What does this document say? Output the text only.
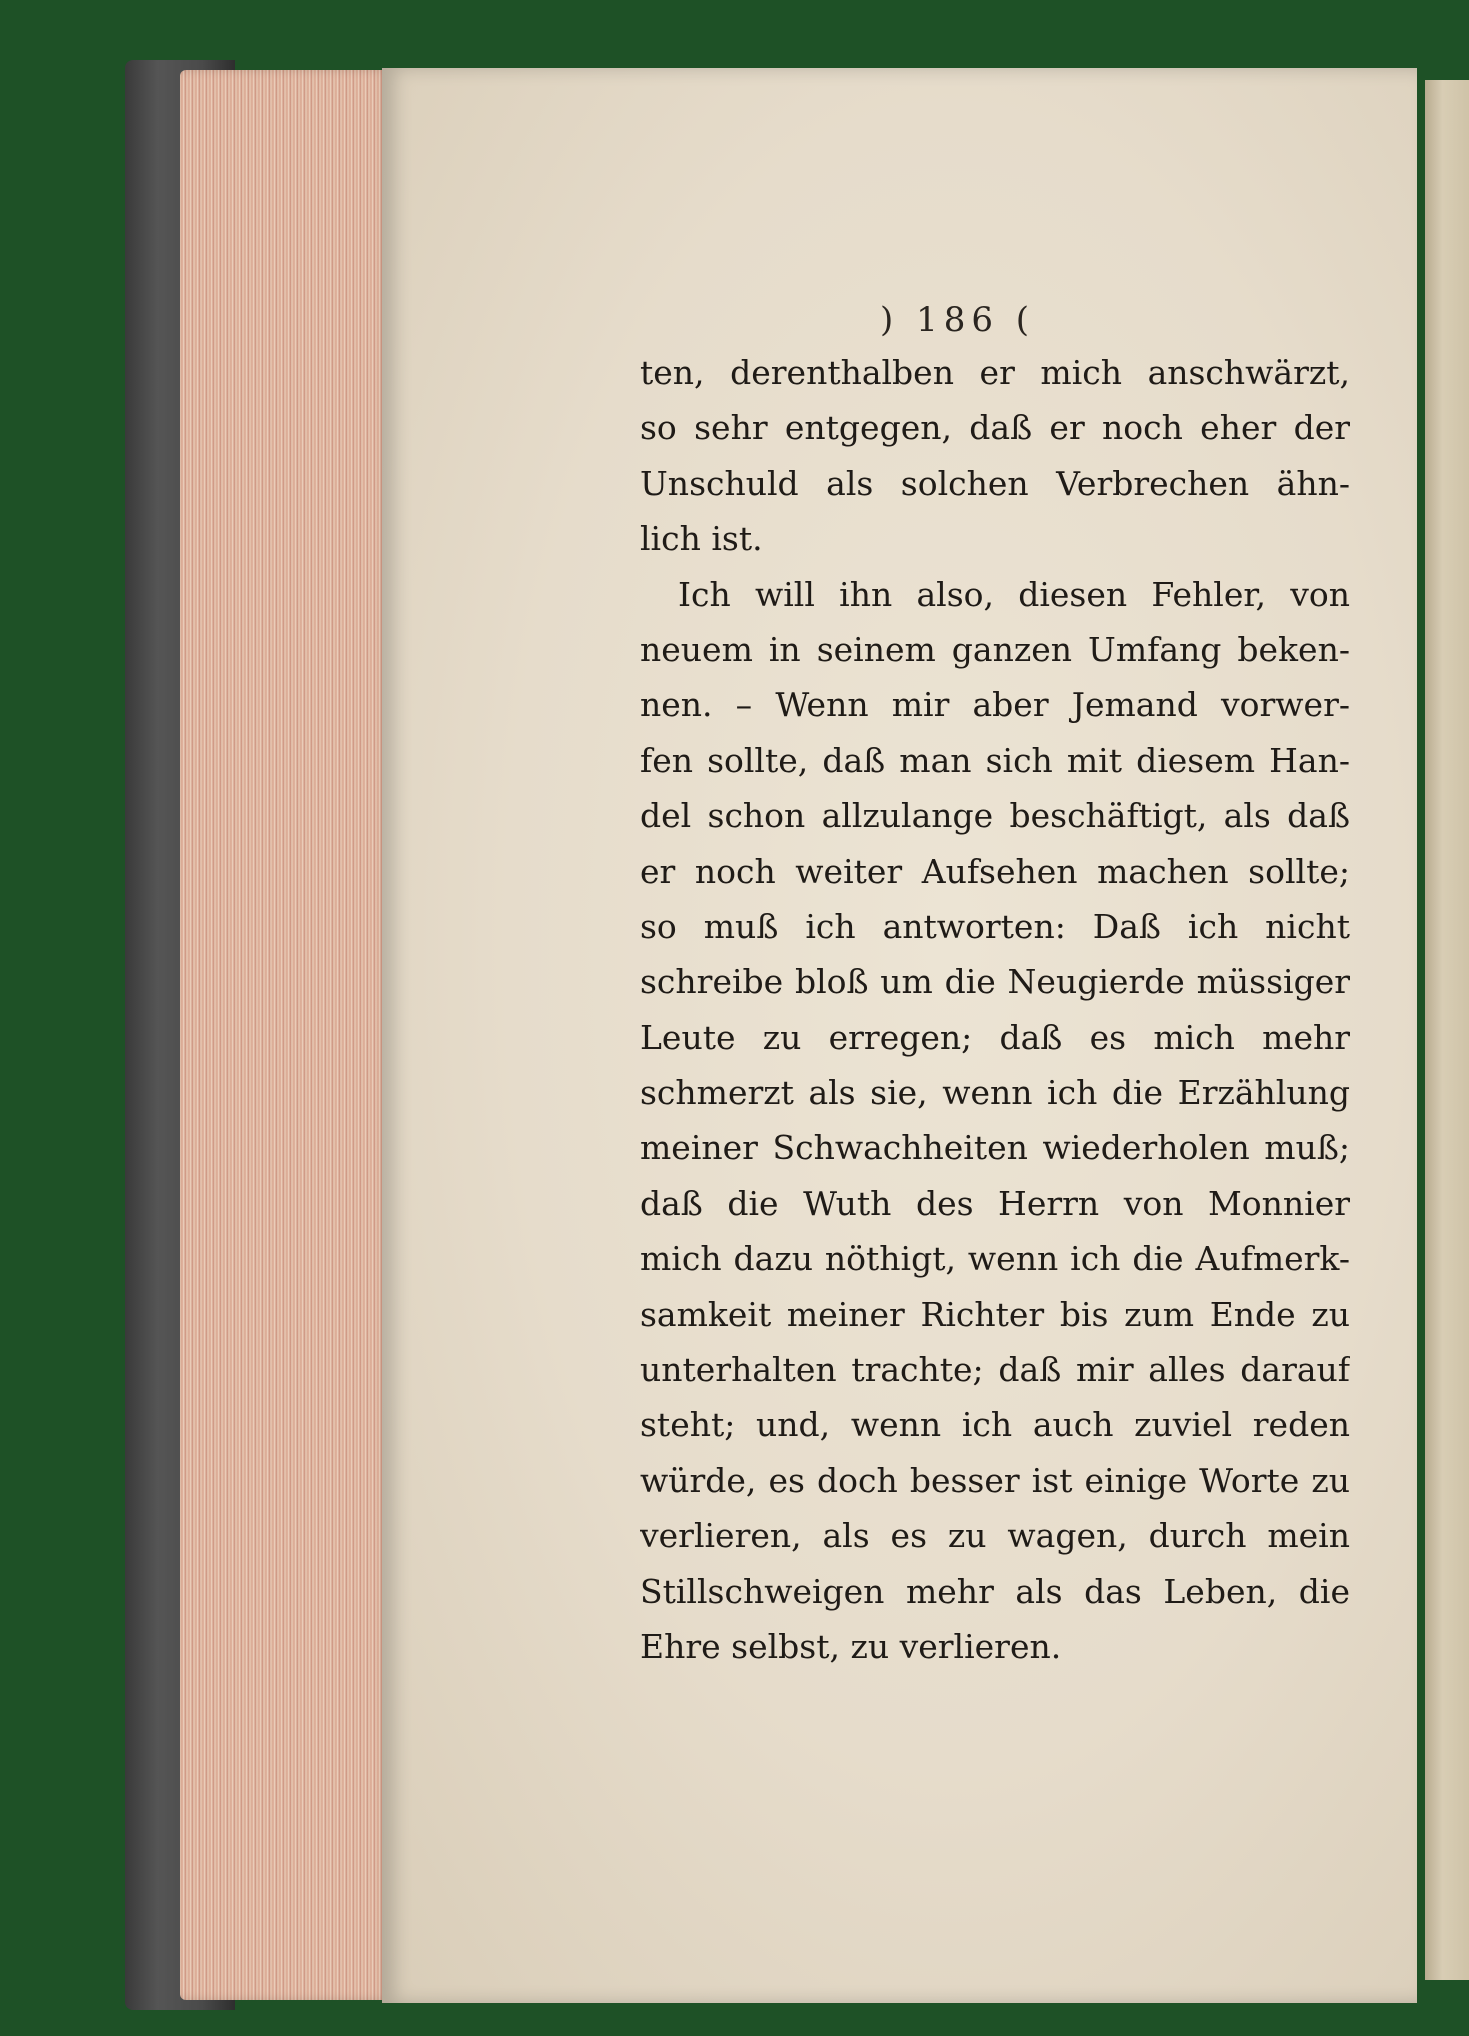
) 186 (
ten, derenthalben er mich anschwärzt,
so sehr entgegen, daß er noch eher der
Unschuld als solchen Verbrechen ähn-
lich ist.
Ich will ihn also, diesen Fehler, von
neuem in seinem ganzen Umfang beken-
nen. – Wenn mir aber Jemand vorwer-
fen sollte, daß man sich mit diesem Han-
del schon allzulange beschäftigt, als daß
er noch weiter Aufsehen machen sollte;
so muß ich antworten: Daß ich nicht
schreibe bloß um die Neugierde müssiger
Leute zu erregen; daß es mich mehr
schmerzt als sie, wenn ich die Erzählung
meiner Schwachheiten wiederholen muß;
daß die Wuth des Herrn von Monnier
mich dazu nöthigt, wenn ich die Aufmerk-
samkeit meiner Richter bis zum Ende zu
unterhalten trachte; daß mir alles darauf
steht; und, wenn ich auch zuviel reden
würde, es doch besser ist einige Worte zu
verlieren, als es zu wagen, durch mein
Stillschweigen mehr als das Leben, die
Ehre selbst, zu verlieren.
